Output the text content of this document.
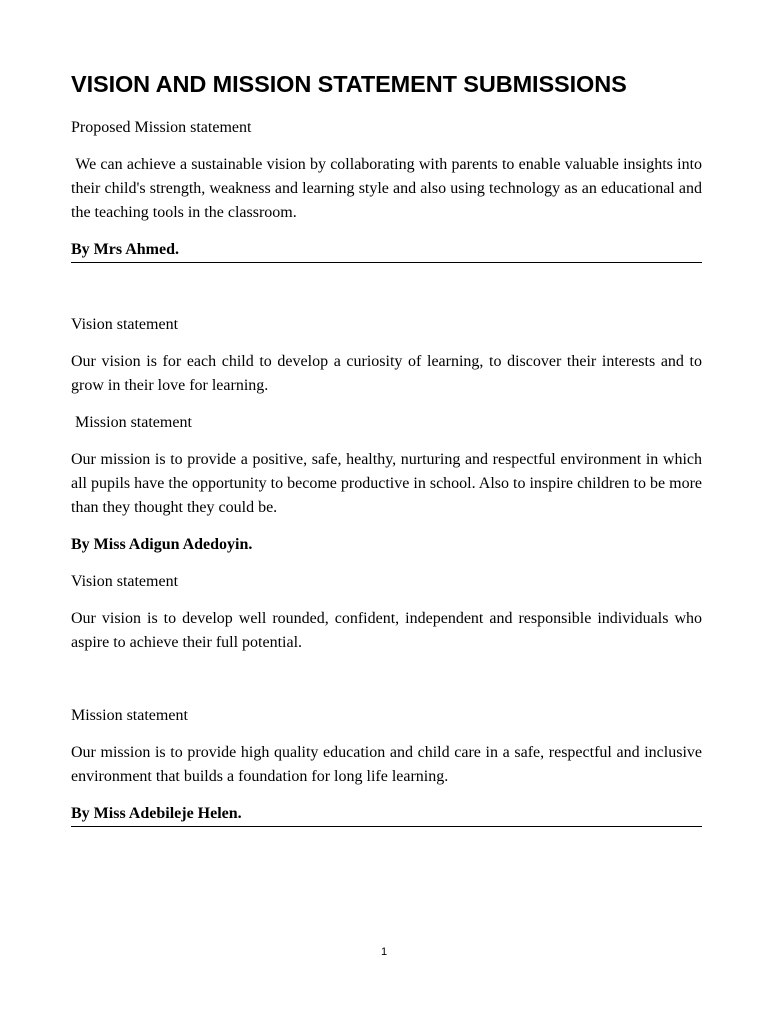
VISION AND MISSION STATEMENT SUBMISSIONS

Proposed Mission statement

We can achieve a sustainable vision by collaborating with parents to enable valuable insights into their child's strength, weakness and learning style and also using technology as an educational and the teaching tools in the classroom.

By Mrs Ahmed.

Vision statement

Our vision is for each child to develop a curiosity of learning, to discover their interests and to grow in their love for learning.

Mission statement

Our mission is to provide a positive, safe, healthy, nurturing and respectful environment in which all pupils have the opportunity to become productive in school. Also to inspire children to be more than they thought they could be.

By Miss Adigun Adedoyin.

Vision statement

Our vision is to develop well rounded, confident, independent and responsible individuals who aspire to achieve their full potential.

Mission statement

Our mission is to provide high quality education and child care in a safe, respectful and inclusive environment that builds a foundation for long life learning.

By Miss Adebileje Helen.

1
